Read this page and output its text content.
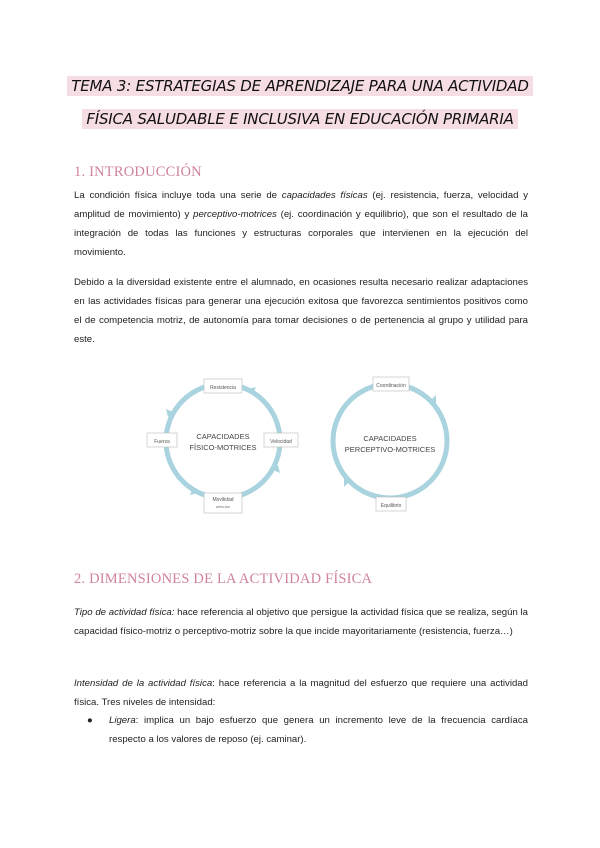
TEMA 3: ESTRATEGIAS DE APRENDIZAJE PARA UNA ACTIVIDAD
FÍSICA SALUDABLE E INCLUSIVA EN EDUCACIÓN PRIMARIA
1. INTRODUCCIÓN
La condición física incluye toda una serie de capacidades físicas (ej. resistencia, fuerza, velocidad y amplitud de movimiento) y perceptivo-motrices (ej. coordinación y equilibrio), que son el resultado de la integración de todas las funciones y estructuras corporales que intervienen en la ejecución del movimiento.
Debido a la diversidad existente entre el alumnado, en ocasiones resulta necesario realizar adaptaciones en las actividades físicas para generar una ejecución exitosa que favorezca sentimientos positivos como el de competencia motriz, de autonomía para tomar decisiones o de pertenencia al grupo y utilidad para este.
Resistencia
Velocidad
Movilidad
articular
Fuerza
CAPACIDADES
FÍSICO-MOTRICES
Coordinación
Equilibrio
CAPACIDADES
PERCEPTIVO-MOTRICES
2. DIMENSIONES DE LA ACTIVIDAD FÍSICA
Tipo de actividad física: hace referencia al objetivo que persigue la actividad física que se realiza, según la capacidad físico-motriz o perceptivo-motriz sobre la que incide mayoritariamente (resistencia, fuerza…)
Intensidad de la actividad física: hace referencia a la magnitud del esfuerzo que requiere una actividad física. Tres niveles de intensidad:
●	Ligera: implica un bajo esfuerzo que genera un incremento leve de la frecuencia cardíaca respecto a los valores de reposo (ej. caminar).
